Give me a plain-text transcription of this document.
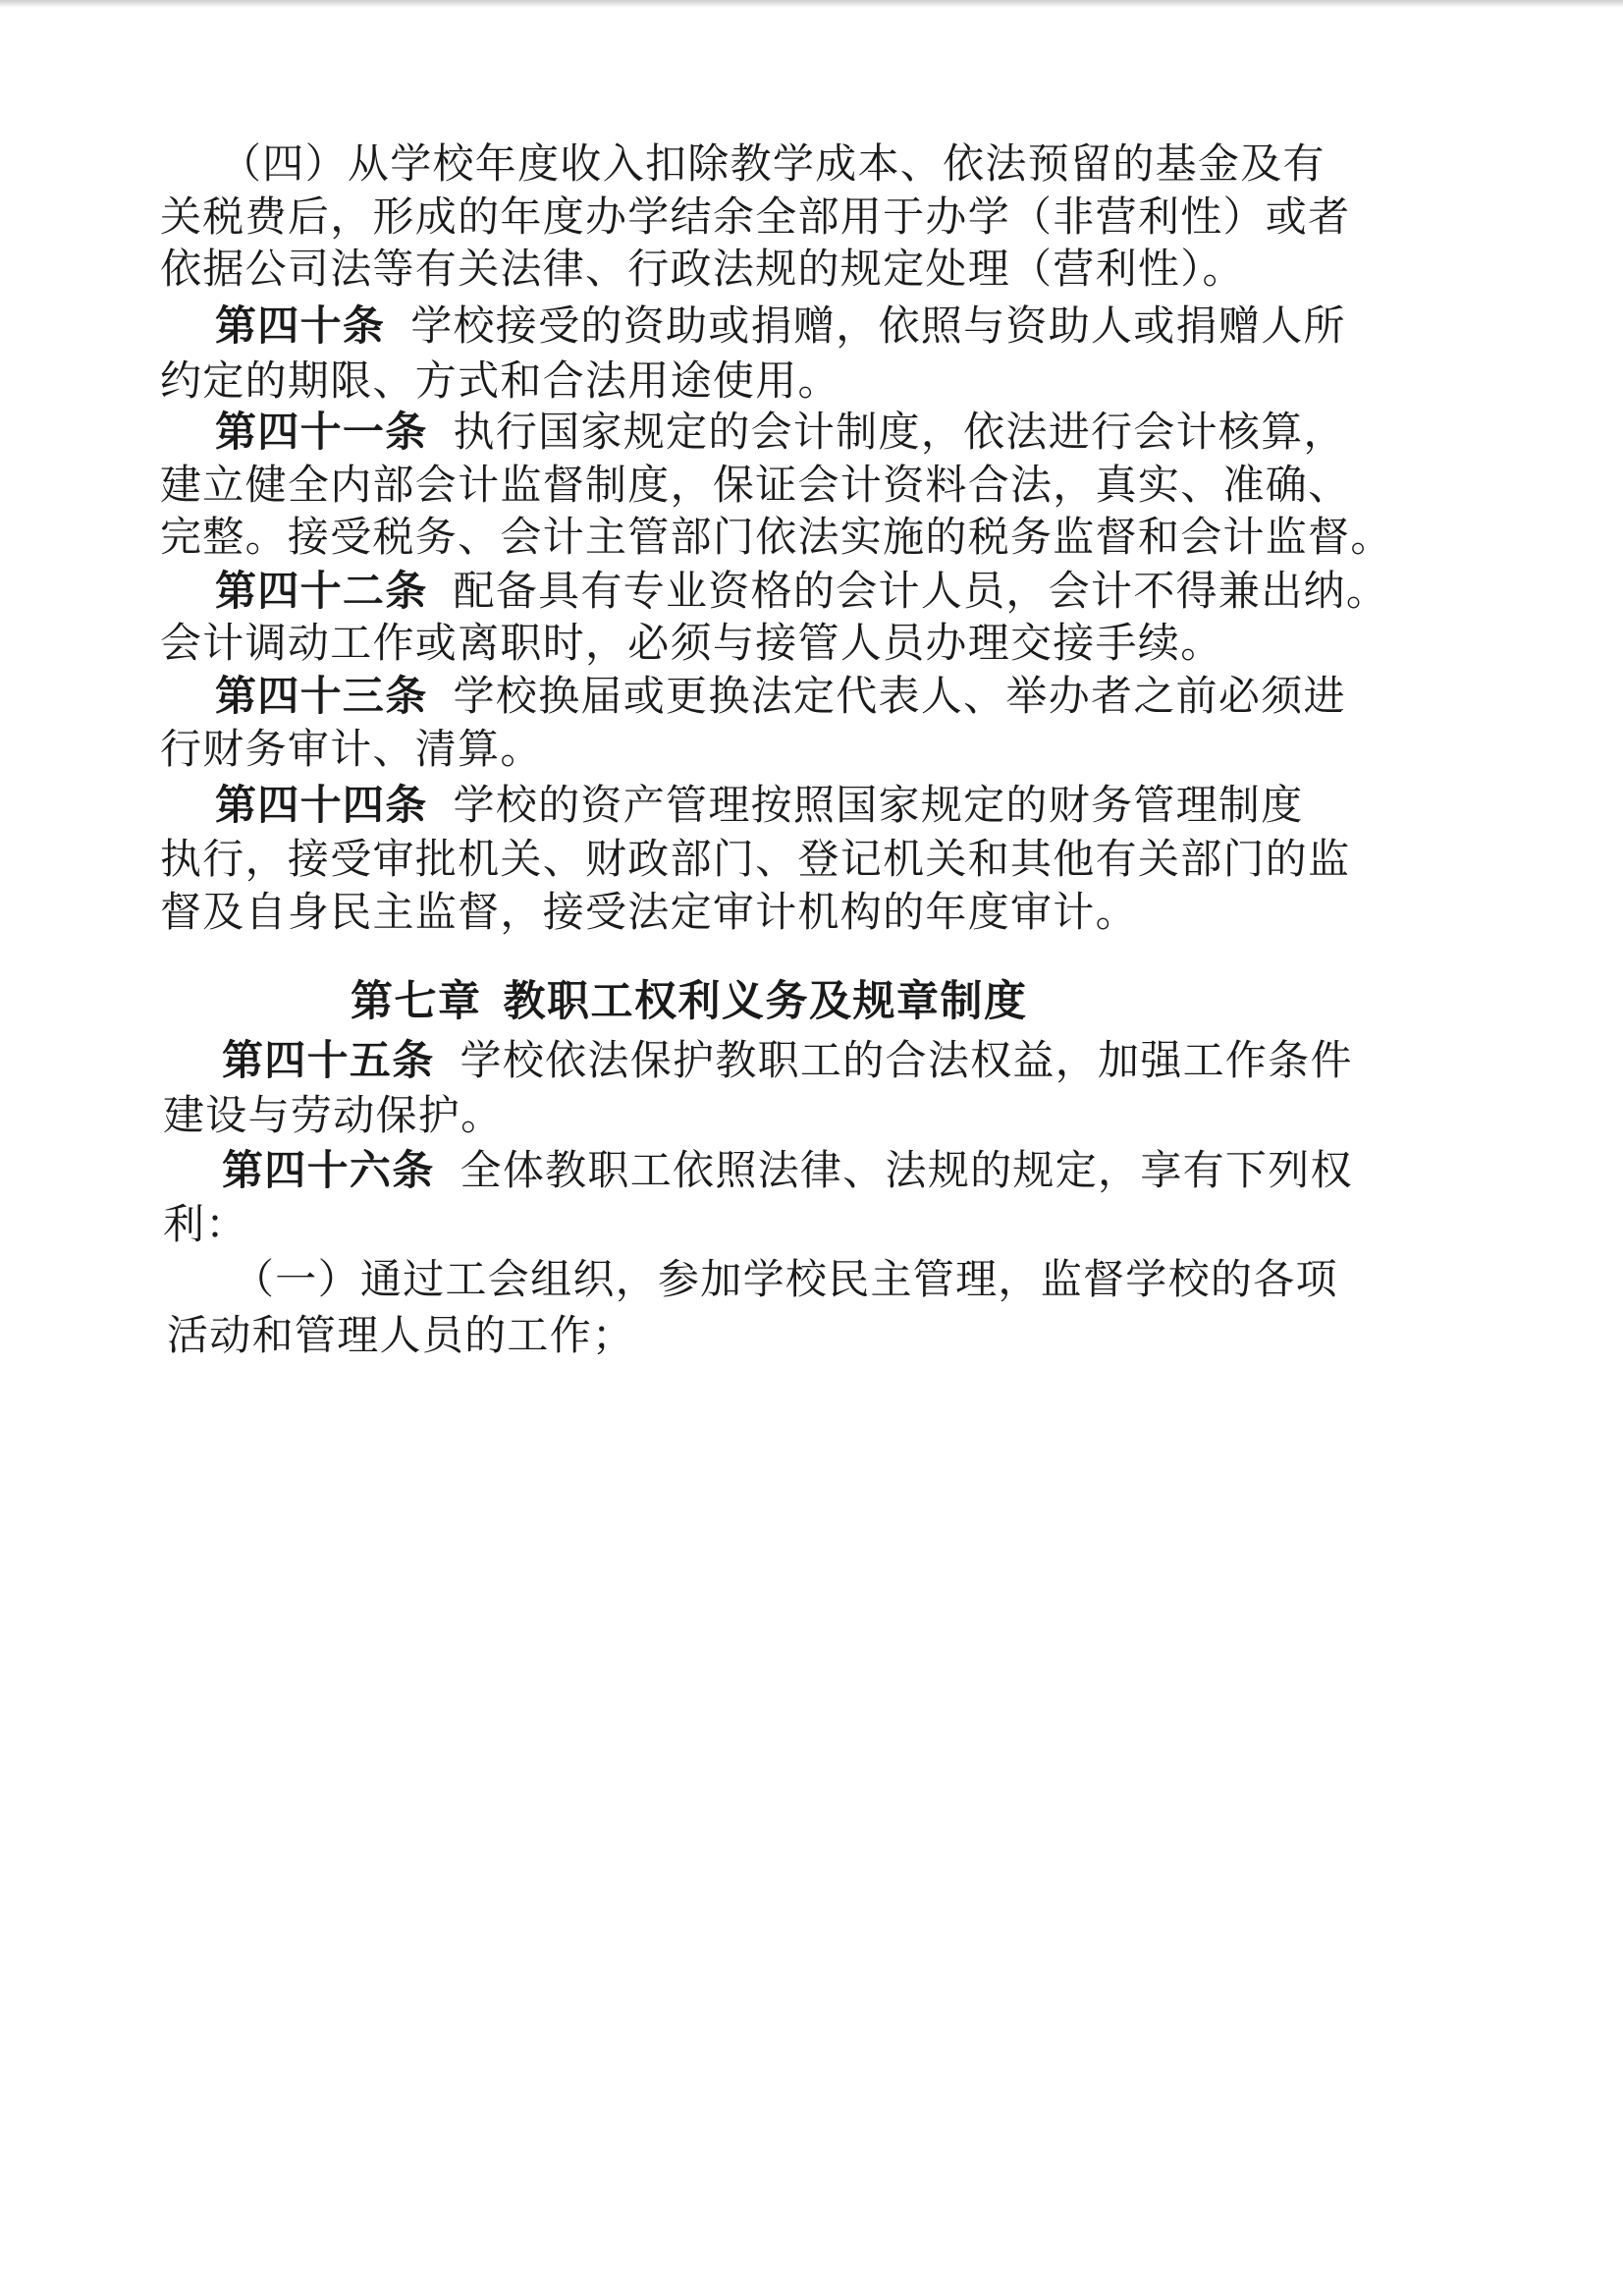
（四）从学校年度收入扣除教学成本、依法预留的基金及有
关税费后，形成的年度办学结余全部用于办学（非营利性）或者
依据公司法等有关法律、行政法规的规定处理（营利性）。
第四十条 学校接受的资助或捐赠，依照与资助人或捐赠人所
约定的期限、方式和合法用途使用。
第四十一条 执行国家规定的会计制度，依法进行会计核算，
建立健全内部会计监督制度，保证会计资料合法，真实、准确、
完整。接受税务、会计主管部门依法实施的税务监督和会计监督。
第四十二条 配备具有专业资格的会计人员，会计不得兼出纳。
会计调动工作或离职时，必须与接管人员办理交接手续。
第四十三条 学校换届或更换法定代表人、举办者之前必须进
行财务审计、清算。
第四十四条 学校的资产管理按照国家规定的财务管理制度
执行，接受审批机关、财政部门、登记机关和其他有关部门的监
督及自身民主监督，接受法定审计机构的年度审计。
第七章 教职工权利义务及规章制度
第四十五条 学校依法保护教职工的合法权益，加强工作条件
建设与劳动保护。
第四十六条 全体教职工依照法律、法规的规定，享有下列权
利：
（一）通过工会组织，参加学校民主管理，监督学校的各项
活动和管理人员的工作；
